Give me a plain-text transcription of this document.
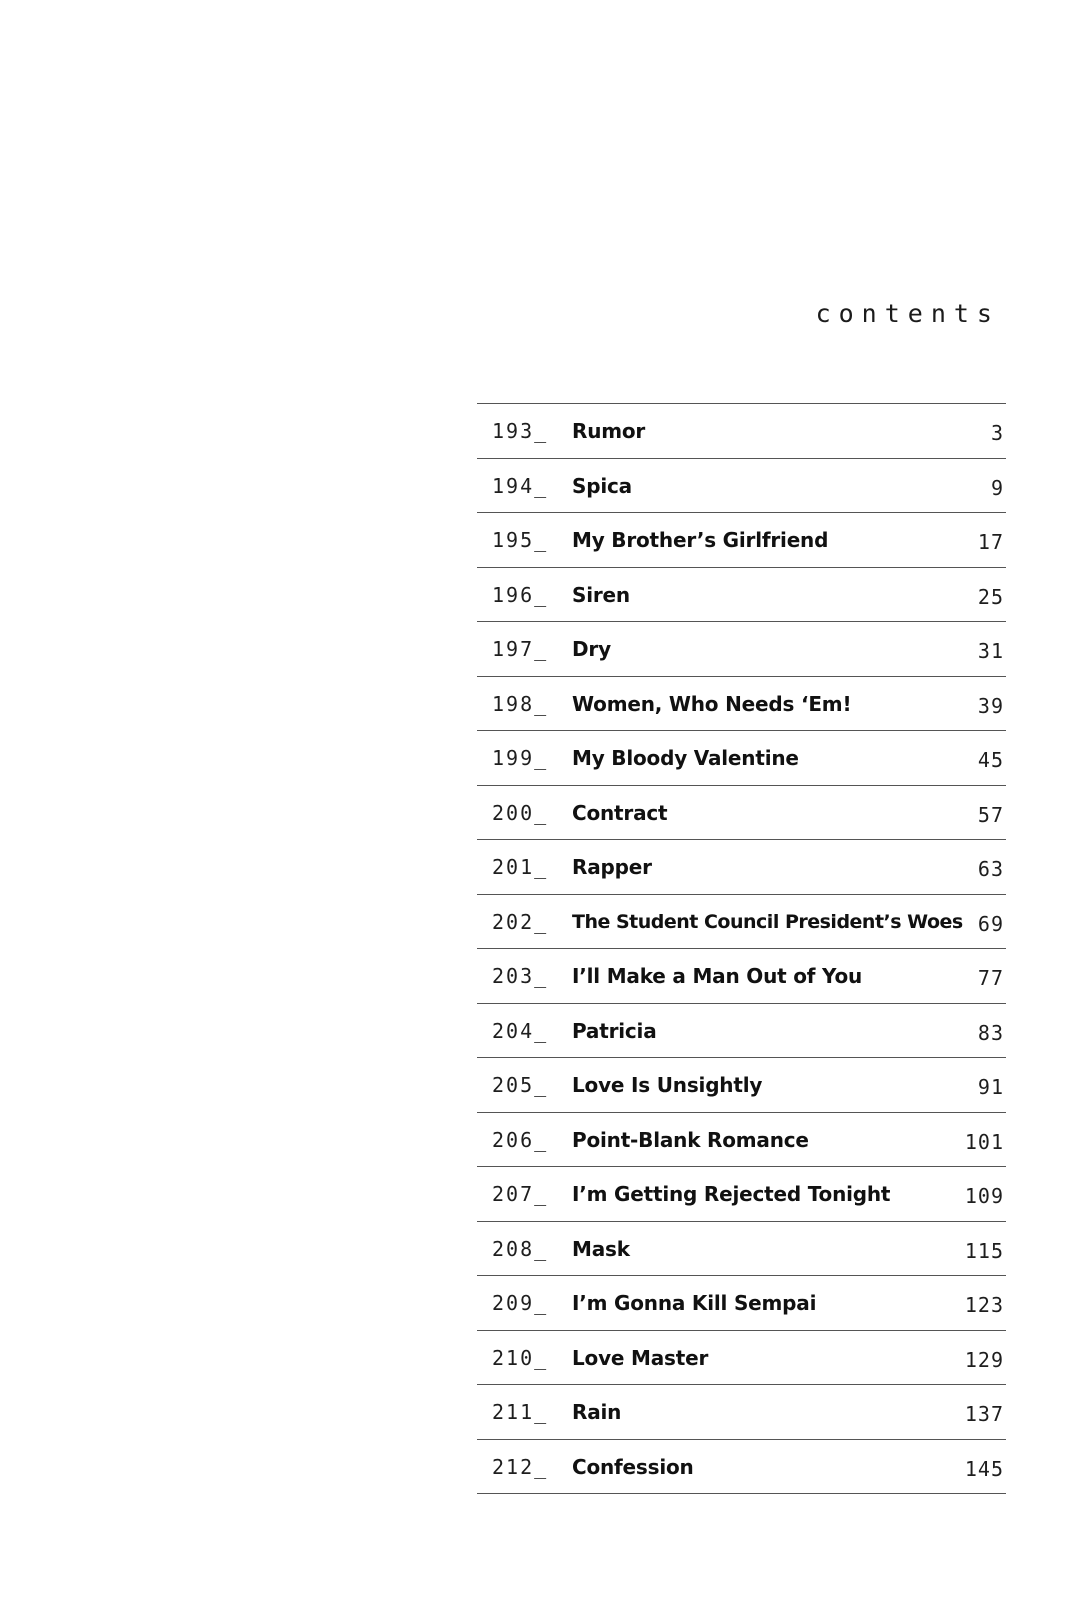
contents
193_ Rumor	3
194_ Spica	9
195_ My Brother’s Girlfriend	17
196_ Siren	25
197_ Dry	31
198_ Women, Who Needs ‘Em!	39
199_ My Bloody Valentine	45
200_ Contract	57
201_ Rapper	63
202_ The Student Council President’s Woes 69
203_ I’ll Make a Man Out of You	77
204_ Patricia	83
205_ Love Is Unsightly	91
206_ Point-Blank Romance	101
207_ I’m Getting Rejected Tonight	109
208_ Mask	115
209_ I’m Gonna Kill Sempai	123
210_ Love Master	129
211_ Rain	137
212_ Confession	145
